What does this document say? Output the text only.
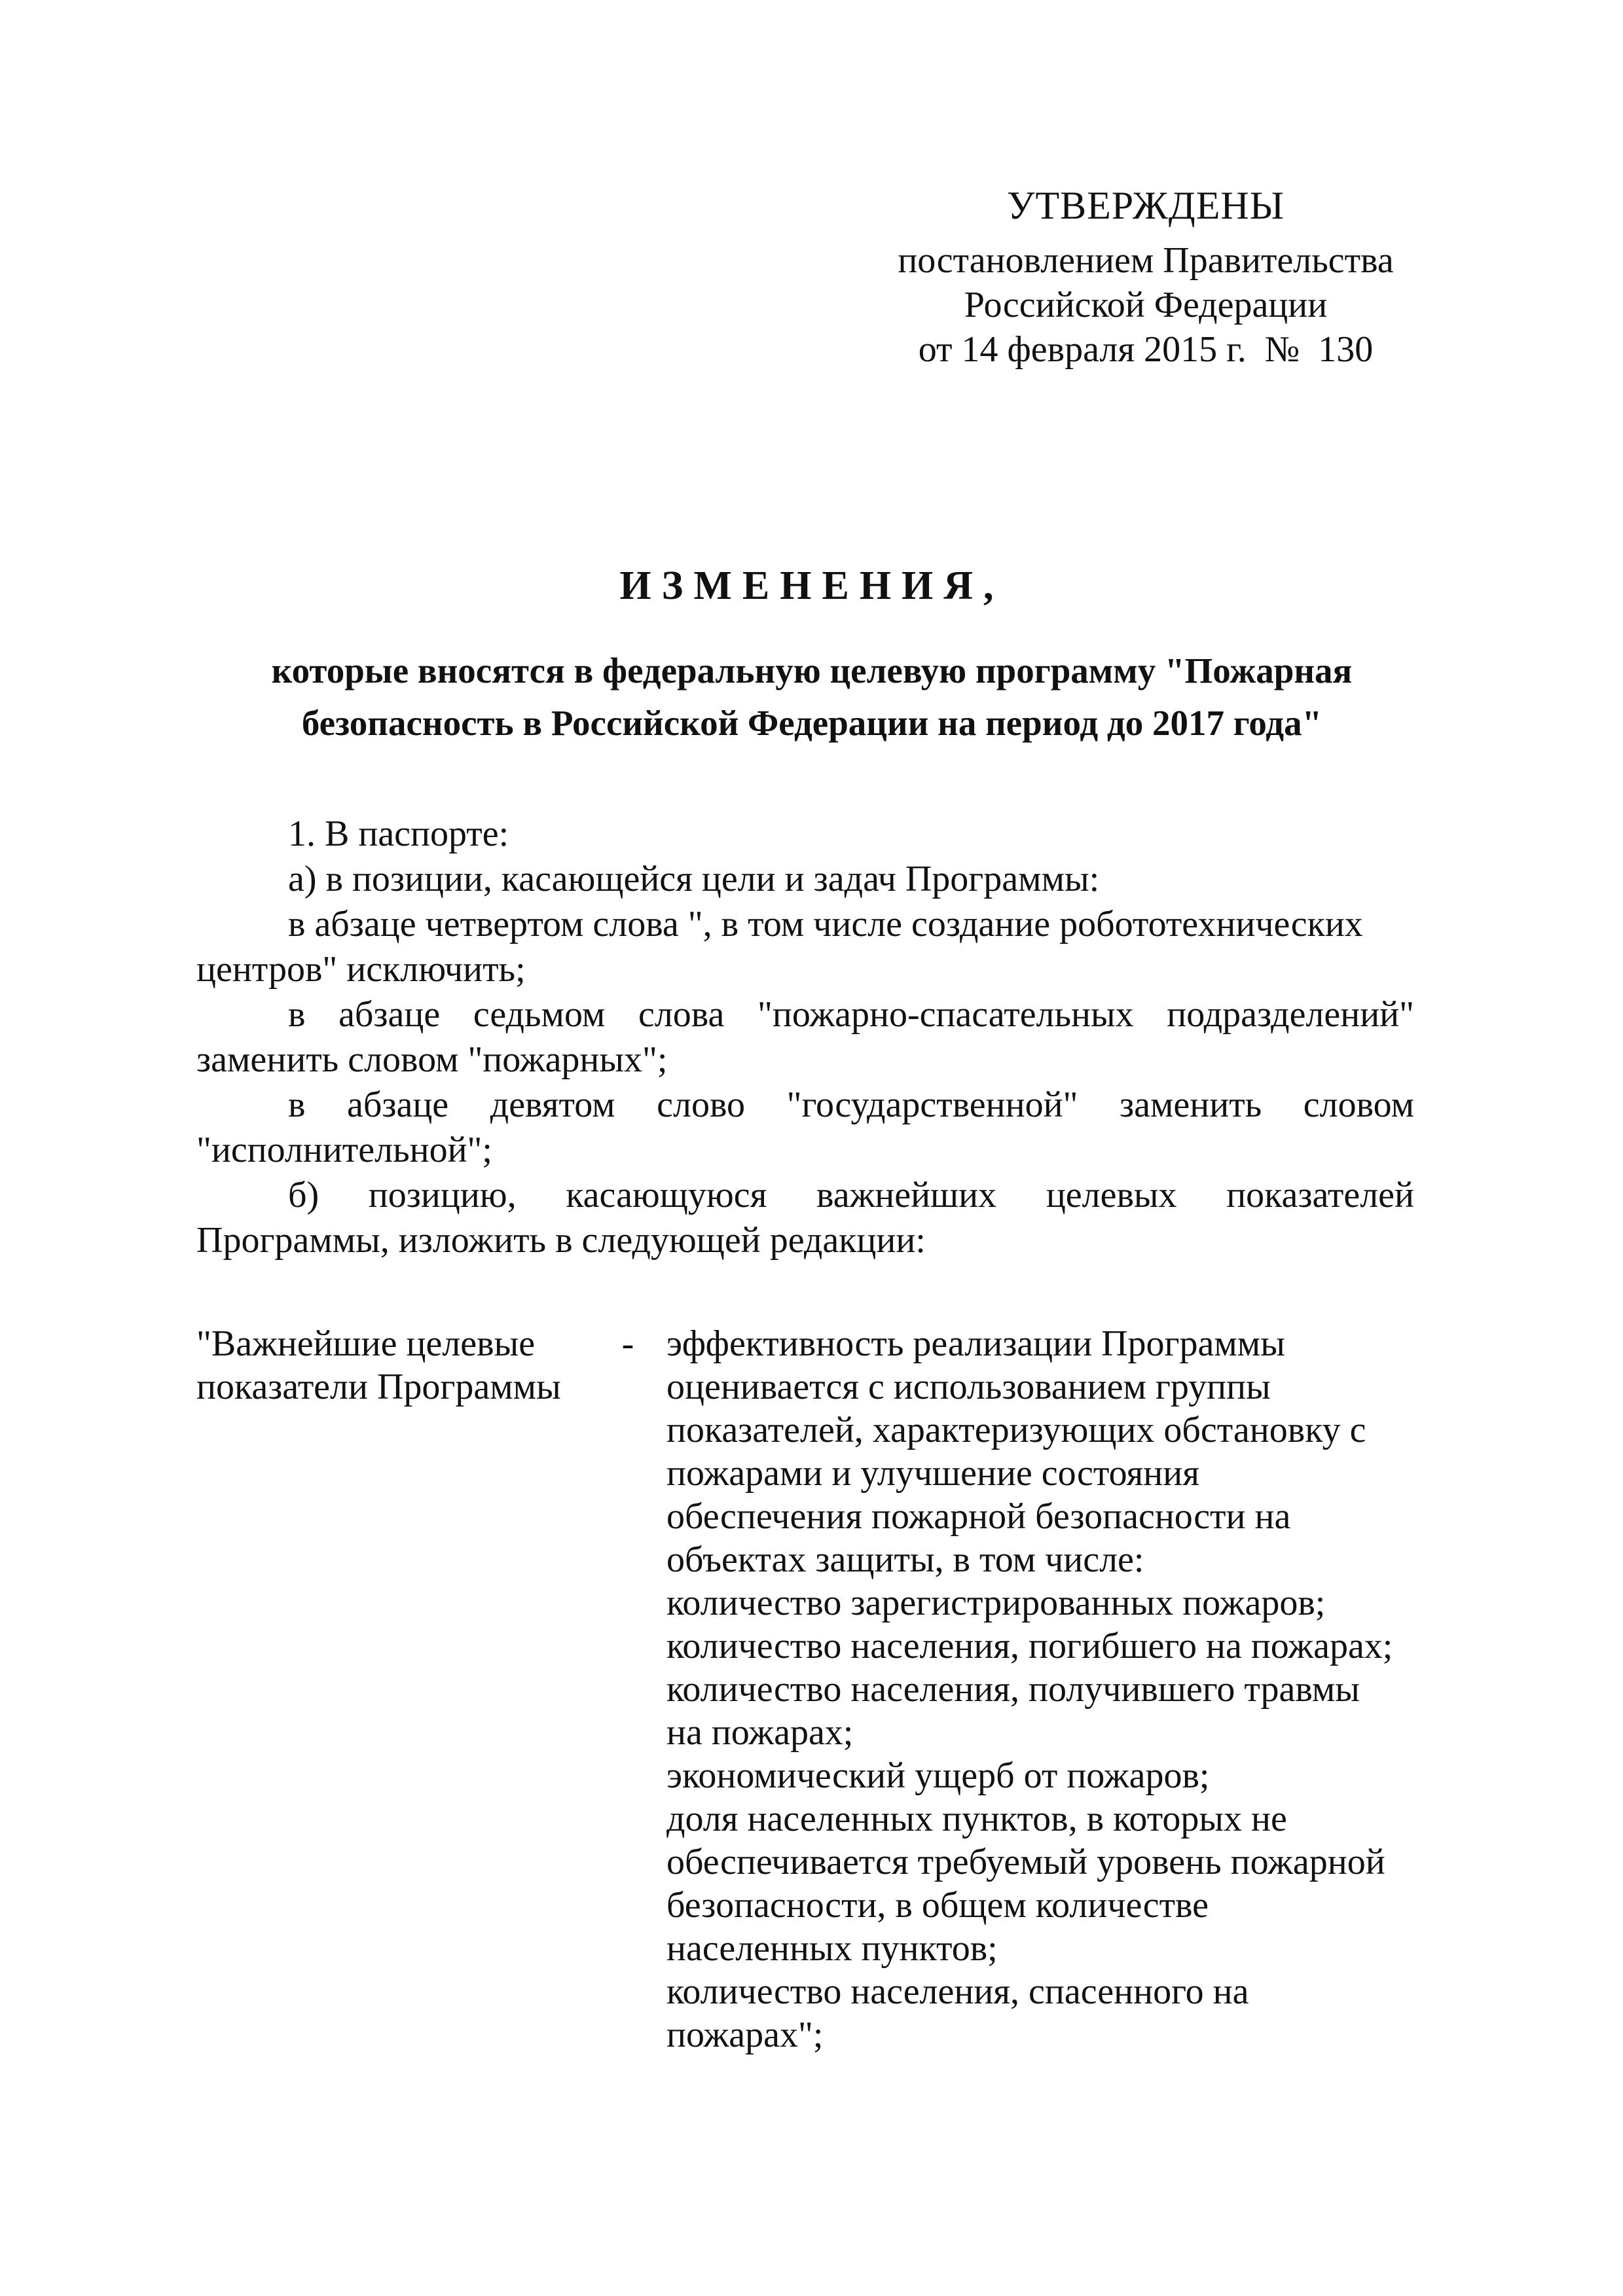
УТВЕРЖДЕНЫ
постановлением Правительства
Российской Федерации
от 14 февраля 2015 г.  №  130
ИЗМЕНЕНИЯ,
которые вносятся в федеральную целевую программу "Пожарная
безопасность в Российской Федерации на период до 2017 года"

1. В паспорте:

а) в позиции, касающейся цели и задач Программы:

в абзаце четвертом слова ", в том числе создание робототехнических

центров" исключить;

в абзаце седьмом слова "пожарно-спасательных подразделений"

заменить словом "пожарных";

в абзаце девятом слово "государственной" заменить словом

"исполнительной";

б) позицию, касающуюся важнейших целевых показателей

Программы, изложить в следующей редакции:

"Важнейшие целевые
показатели Программы
- эффективность реализации Программы
оценивается с использованием группы
показателей, характеризующих обстановку с
пожарами и улучшение состояния
обеспечения пожарной безопасности на
объектах защиты, в том числе:
количество зарегистрированных пожаров;
количество населения, погибшего на пожарах;
количество населения, получившего травмы
на пожарах;
экономический ущерб от пожаров;
доля населенных пунктов, в которых не
обеспечивается требуемый уровень пожарной
безопасности, в общем количестве
населенных пунктов;
количество населения, спасенного на
пожарах";
